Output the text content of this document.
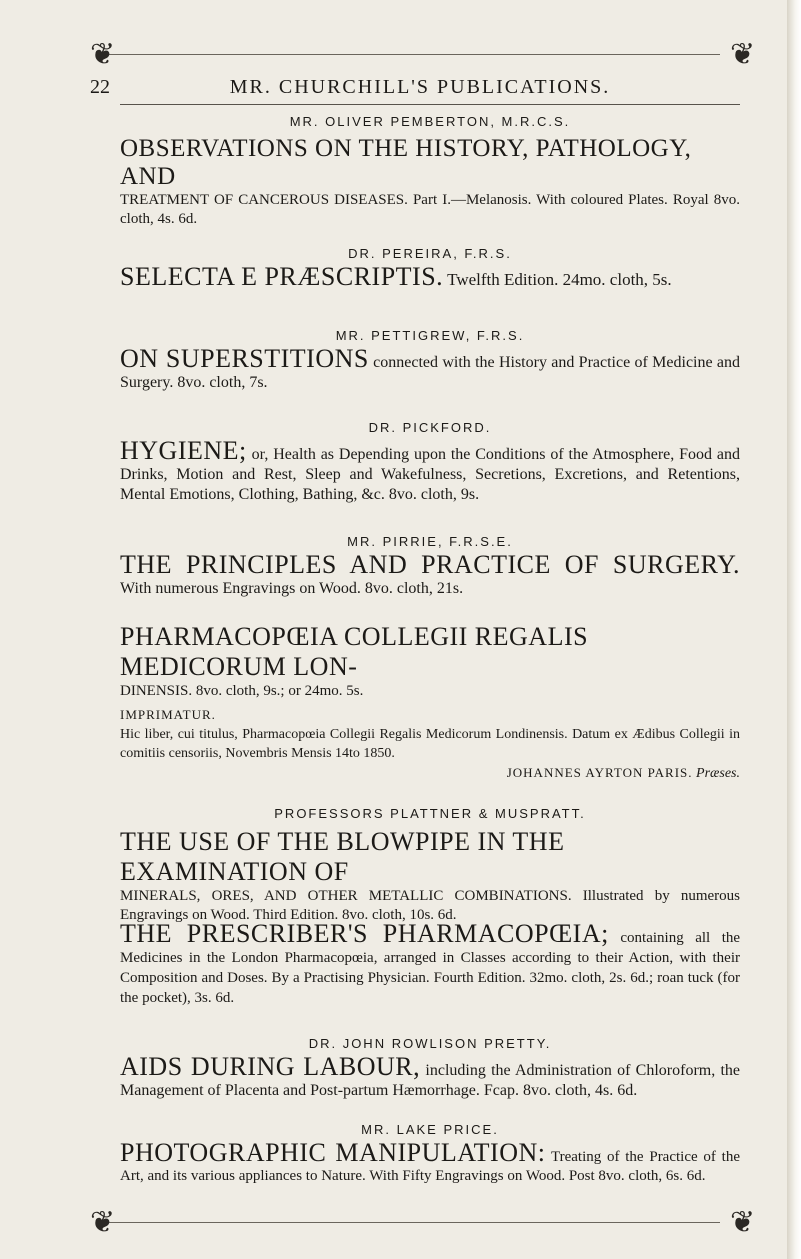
❦	❦
22	MR. CHURCHILL'S PUBLICATIONS.
MR. OLIVER PEMBERTON, M.R.C.S.
OBSERVATIONS ON THE HISTORY, PATHOLOGY, AND
TREATMENT OF CANCEROUS DISEASES. Part I.—Melanosis. With coloured Plates. Royal 8vo. cloth, 4s. 6d.
DR. PEREIRA, F.R.S.
SELECTA E PRÆSCRIPTIS. Twelfth Edition. 24mo. cloth, 5s.
MR. PETTIGREW, F.R.S.
ON SUPERSTITIONS connected with the History and Practice of Medicine and Surgery. 8vo. cloth, 7s.
DR. PICKFORD.
HYGIENE; or, Health as Depending upon the Conditions of the Atmosphere, Food and Drinks, Motion and Rest, Sleep and Wakefulness, Secretions, Excretions, and Retentions, Mental Emotions, Clothing, Bathing, &c. 8vo. cloth, 9s.
MR. PIRRIE, F.R.S.E.
THE PRINCIPLES AND PRACTICE OF SURGERY. With numerous Engravings on Wood. 8vo. cloth, 21s.
PHARMACOPŒIA COLLEGII REGALIS MEDICORUM LON-
DINENSIS. 8vo. cloth, 9s.; or 24mo. 5s.
IMPRIMATUR.
Hic liber, cui titulus, Pharmacopœia Collegii Regalis Medicorum Londinensis. Datum ex Ædibus Collegii in comitiis censoriis, Novembris Mensis 14to 1850.
JOHANNES AYRTON PARIS. Præses.
PROFESSORS PLATTNER & MUSPRATT.
THE USE OF THE BLOWPIPE IN THE EXAMINATION OF
MINERALS, ORES, AND OTHER METALLIC COMBINATIONS. Illustrated by numerous Engravings on Wood. Third Edition. 8vo. cloth, 10s. 6d.
THE PRESCRIBER'S PHARMACOPŒIA; containing all the Medicines in the London Pharmacopœia, arranged in Classes according to their Action, with their Composition and Doses. By a Practising Physician. Fourth Edition. 32mo. cloth, 2s. 6d.; roan tuck (for the pocket), 3s. 6d.
DR. JOHN ROWLISON PRETTY.
AIDS DURING LABOUR, including the Administration of Chloroform, the Management of Placenta and Post-partum Hæmorrhage. Fcap. 8vo. cloth, 4s. 6d.
MR. LAKE PRICE.
PHOTOGRAPHIC MANIPULATION: Treating of the Practice of the Art, and its various appliances to Nature. With Fifty Engravings on Wood. Post 8vo. cloth, 6s. 6d.
❦	❦
